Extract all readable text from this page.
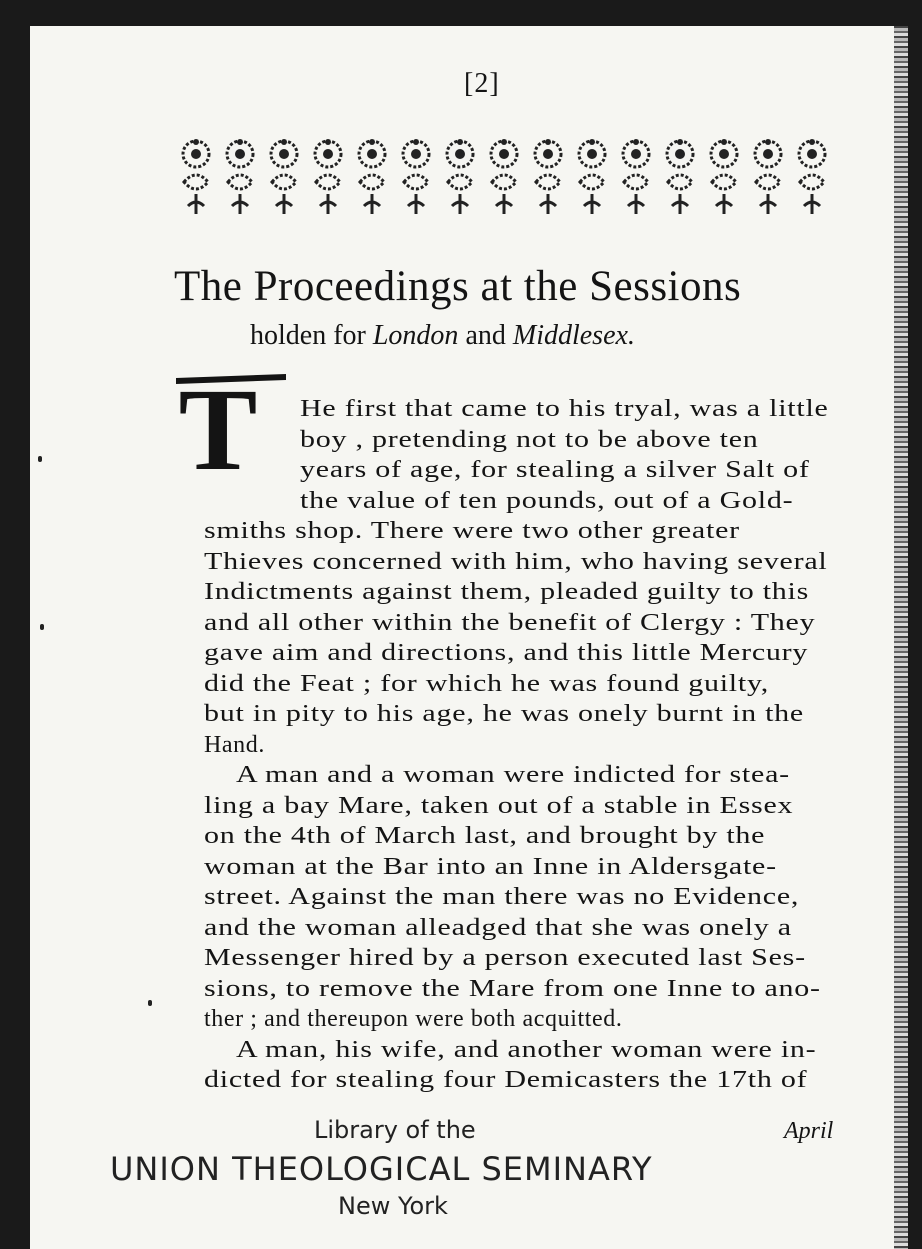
[2]
The Proceedings at the Sessions
holden for London and Middlesex.
T He first that came to his tryal, was a little
boy , pretending not to be above ten
years of age, for stealing a silver Salt of
the value of ten pounds, out of a Gold-
smiths shop. There were two other greater
Thieves concerned with him, who having several
Indictments against them, pleaded guilty to this
and all other within the benefit of Clergy : They
gave aim and directions, and this little Mercury
did the Feat ; for which he was found guilty,
but in pity to his age, he was onely burnt in the
Hand.
A man and a woman were indicted for stea-
ling a bay Mare, taken out of a stable in Essex
on the 4th of March last, and brought by the
woman at the Bar into an Inne in Aldersgate-
street. Against the man there was no Evidence,
and the woman alleadged that she was onely a
Messenger hired by a person executed last Ses-
sions, to remove the Mare from one Inne to ano-
ther ; and thereupon were both acquitted.
A man, his wife, and another woman were in-
dicted for stealing four Demicasters the 17th of
April
Library of the
UNION THEOLOGICAL SEMINARY
New York
